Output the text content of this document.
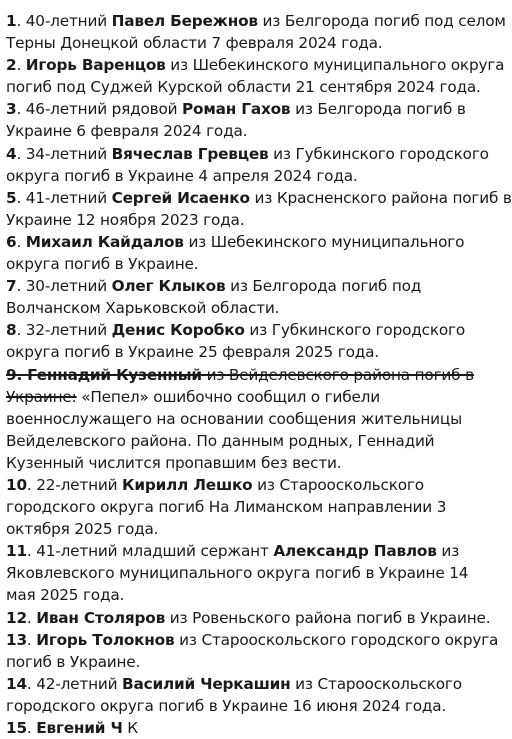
1. 40-летний Павел Бережнов из Белгорода погиб под селом
Терны Донецкой области 7 февраля 2024 года.
2. Игорь Варенцов из Шебекинского муниципального округа
погиб под Суджей Курской области 21 сентября 2024 года.
3. 46-летний рядовой Роман Гахов из Белгорода погиб в
Украине 6 февраля 2024 года.
4. 34-летний Вячеслав Гревцев из Губкинского городского
округа погиб в Украине 4 апреля 2024 года.
5. 41-летний Сергей Исаенко из Красненского района погиб в
Украине 12 ноября 2023 года.
6. Михаил Кайдалов из Шебекинского муниципального
округа погиб в Украине.
7. 30-летний Олег Клыков из Белгорода погиб под
Волчанском Харьковской области.
8. 32-летний Денис Коробко из Губкинского городского
округа погиб в Украине 25 февраля 2025 года.
9. Геннадий Кузенный из Вейделевского района погиб в
Украине: «Пепел» ошибочно сообщил о гибели
военнослужащего на основании сообщения жительницы
Вейделевского района. По данным родных, Геннадий
Кузенный числится пропавшим без вести.
10. 22-летний Кирилл Лешко из Старооскольского
городского округа погиб На Лиманском направлении 3
октября 2025 года.
11. 41-летний младший сержант Александр Павлов из
Яковлевского муниципального округа погиб в Украине 14
мая 2025 года.
12. Иван Столяров из Ровеньского района погиб в Украине.
13. Игорь Толокнов из Старооскольского городского округа
погиб в Украине.
14. 42-летний Василий Черкашин из Старооскольского
городского округа погиб в Украине 16 июня 2024 года.
15. Евгений Ч К
